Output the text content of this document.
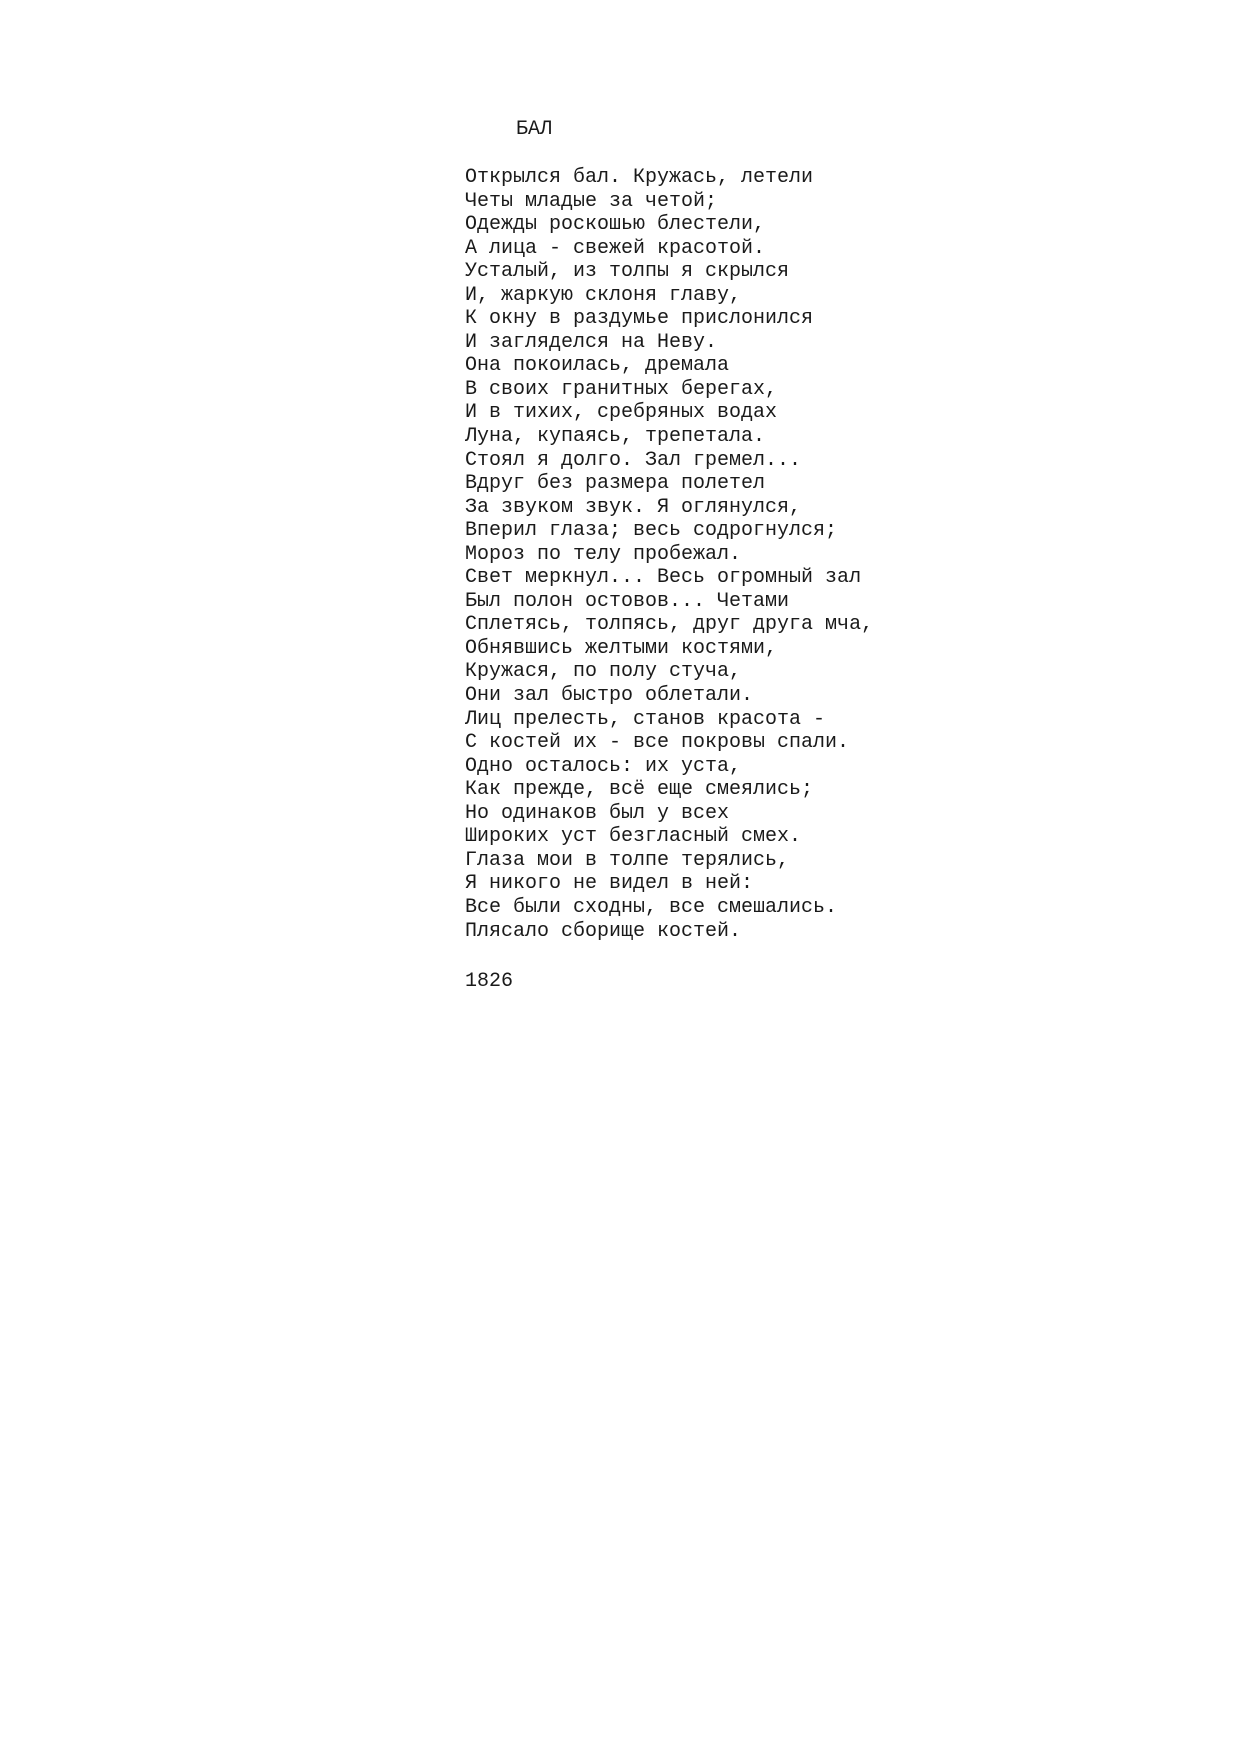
БАЛ
Открылся бал. Кружась, летели
Четы младые за четой;
Одежды роскошью блестели,
А лица - свежей красотой.
Усталый, из толпы я скрылся
И, жаркую склоня главу,
К окну в раздумье прислонился
И загляделся на Неву.
Она покоилась, дремала
В своих гранитных берегах,
И в тихих, сребряных водах
Луна, купаясь, трепетала.
Стоял я долго. Зал гремел...
Вдруг без размера полетел
За звуком звук. Я оглянулся,
Вперил глаза; весь содрогнулся;
Мороз по телу пробежал.
Свет меркнул... Весь огромный зал
Был полон остовов... Четами
Сплетясь, толпясь, друг друга мча,
Обнявшись желтыми костями,
Кружася, по полу стуча,
Они зал быстро облетали.
Лиц прелесть, станов красота -
С костей их - все покровы спали.
Одно осталось: их уста,
Как прежде, всё еще смеялись;
Но одинаков был у всех
Широких уст безгласный смех.
Глаза мои в толпе терялись,
Я никого не видел в ней:
Все были сходны, все смешались.
Плясало сборище костей.
1826
